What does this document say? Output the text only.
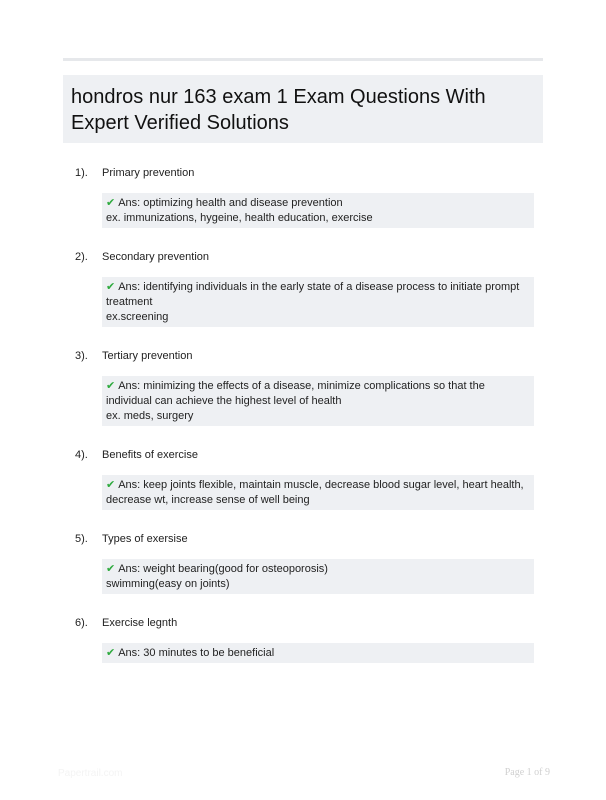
hondros nur 163 exam 1 Exam Questions With Expert Verified Solutions
1).	Primary prevention
✔ Ans: optimizing health and disease prevention
ex. immunizations, hygeine, health education, exercise
2).	Secondary prevention
✔ Ans: identifying individuals in the early state of a disease process to initiate prompt treatment
ex.screening
3).	Tertiary prevention
✔ Ans: minimizing the effects of a disease, minimize complications so that the individual can achieve the highest level of health
ex. meds, surgery
4).	Benefits of exercise
✔ Ans: keep joints flexible, maintain muscle, decrease blood sugar level, heart health, decrease wt, increase sense of well being
5).	Types of exersise
✔ Ans: weight bearing(good for osteoporosis)
swimming(easy on joints)
6).	Exercise legnth
✔ Ans: 30 minutes to be beneficial
Papertrail.com	Page 1 of 9
